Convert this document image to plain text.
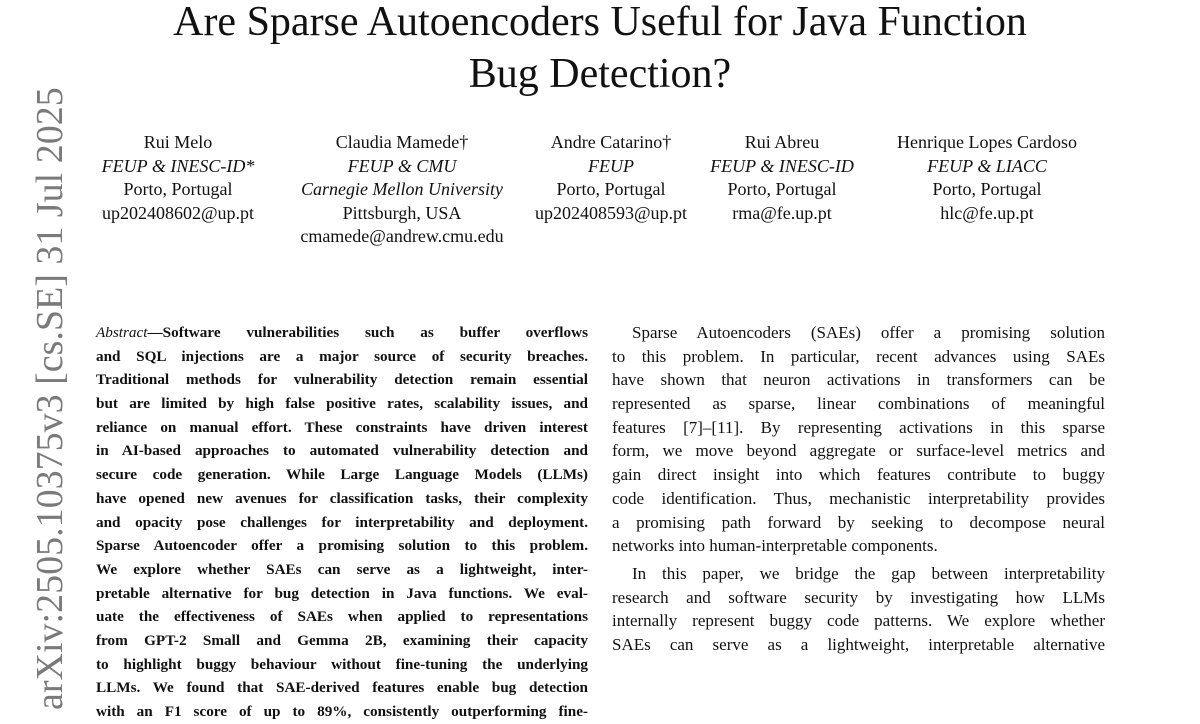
Are Sparse Autoencoders Useful for Java Function
Bug Detection?
Rui Melo
FEUP & INESC-ID*
Porto, Portugal
up202408602@up.pt
Claudia Mamede†
FEUP & CMU
Carnegie Mellon University
Pittsburgh, USA
cmamede@andrew.cmu.edu
Andre Catarino†
FEUP
Porto, Portugal
up202408593@up.pt
Rui Abreu
FEUP & INESC-ID
Porto, Portugal
rma@fe.up.pt
Henrique Lopes Cardoso
FEUP & LIACC
Porto, Portugal
hlc@fe.up.pt
arXiv:2505.10375v3 [cs.SE] 31 Jul 2025 Abstract—Software vulnerabilities such as buffer overflows
and SQL injections are a major source of security breaches.
Traditional methods for vulnerability detection remain essential
but are limited by high false positive rates, scalability issues, and
reliance on manual effort. These constraints have driven interest
in AI-based approaches to automated vulnerability detection and
secure code generation. While Large Language Models (LLMs)
have opened new avenues for classification tasks, their complexity
and opacity pose challenges for interpretability and deployment.
Sparse Autoencoder offer a promising solution to this problem.
We explore whether SAEs can serve as a lightweight, inter-
pretable alternative for bug detection in Java functions. We eval-
uate the effectiveness of SAEs when applied to representations
from GPT-2 Small and Gemma 2B, examining their capacity
to highlight buggy behaviour without fine-tuning the underlying
LLMs. We found that SAE-derived features enable bug detection
with an F1 score of up to 89%, consistently outperforming fine-
Sparse Autoencoders (SAEs) offer a promising solution
to this problem. In particular, recent advances using SAEs
have shown that neuron activations in transformers can be
represented as sparse, linear combinations of meaningful
features [7]–[11]. By representing activations in this sparse
form, we move beyond aggregate or surface-level metrics and
gain direct insight into which features contribute to buggy
code identification. Thus, mechanistic interpretability provides
a promising path forward by seeking to decompose neural
networks into human-interpretable components.
In this paper, we bridge the gap between interpretability
research and software security by investigating how LLMs
internally represent buggy code patterns. We explore whether
SAEs can serve as a lightweight, interpretable alternative
